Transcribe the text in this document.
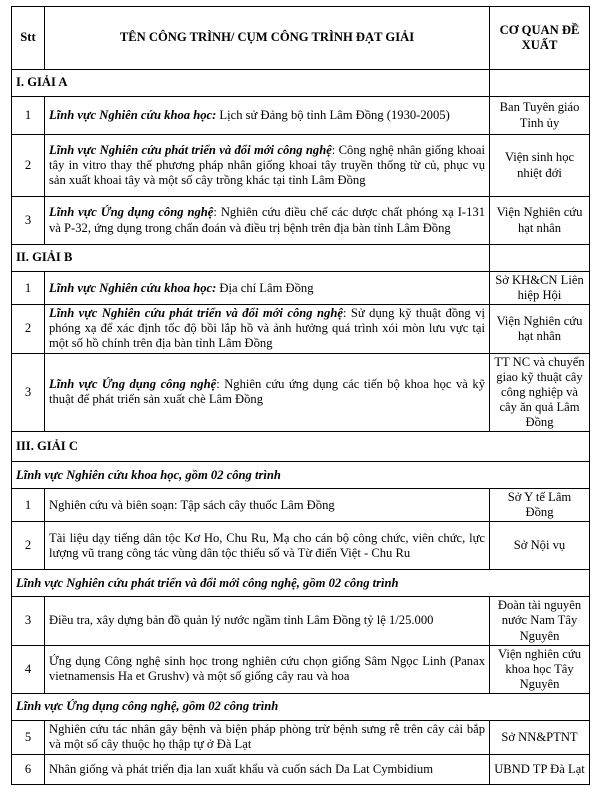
Stt	TÊN CÔNG TRÌNH/ CỤM CÔNG TRÌNH ĐẠT GIẢI	CƠ QUAN ĐỀ XUẤT
I. GIẢI A		
1	Lĩnh vực Nghiên cứu khoa học: Lịch sử Đảng bộ tỉnh Lâm Đồng (1930-2005)	Ban Tuyên giáo Tỉnh ủy
2	Lĩnh vực Nghiên cứu phát triển và đổi mới công nghệ: Công nghệ nhân giống khoai tây in vitro thay thế phương pháp nhân giống khoai tây truyền thống từ củ, phục vụ sản xuất khoai tây và một số cây trồng khác tại tỉnh Lâm Đồng	Viện sinh học nhiệt đới
3	Lĩnh vực Ứng dụng công nghệ: Nghiên cứu điều chế các dược chất phóng xạ I-131 và P-32, ứng dụng trong chẩn đoán và điều trị bệnh trên địa bàn tỉnh Lâm Đồng	Viện Nghiên cứu hạt nhân
II. GIẢI B		
1	Lĩnh vực Nghiên cứu khoa học: Địa chí Lâm Đồng	Sở KH&CN Liên hiệp Hội
2	Lĩnh vực Nghiên cứu phát triển và đổi mới công nghệ: Sử dụng kỹ thuật đồng vị phóng xạ để xác định tốc độ bồi lắp hồ và ảnh hưởng quá trình xói mòn lưu vực tại một số hồ chính trên địa bàn tỉnh Lâm Đồng	Viện Nghiên cứu hạt nhân
3	Lĩnh vực Ứng dụng công nghệ: Nghiên cứu ứng dụng các tiến bộ khoa học và kỹ thuật để phát triển sản xuất chè Lâm Đồng	TT NC và chuyển giao kỹ thuật cây công nghiệp và cây ăn quả Lâm Đồng
III. GIẢI C		
Lĩnh vực Nghiên cứu khoa học, gồm 02 công trình		
1	Nghiên cứu và biên soạn: Tập sách cây thuốc Lâm Đồng	Sở Y tế Lâm Đồng
2	Tài liệu dạy tiếng dân tộc Kơ Ho, Chu Ru, Mạ cho cán bộ công chức, viên chức, lực lượng vũ trang công tác vùng dân tộc thiểu số và Từ điển Việt - Chu Ru	Sở Nội vụ
Lĩnh vực Nghiên cứu phát triển và đổi mới công nghệ, gồm 02 công trình		
3	Điều tra, xây dựng bản đồ quản lý nước ngầm tỉnh Lâm Đồng tỷ lệ 1/25.000	Đoàn tài nguyên nước Nam Tây Nguyên
4	Ứng dụng Công nghệ sinh học trong nghiên cứu chọn giống Sâm Ngọc Linh (Panax vietnamensis Ha et Grushv) và một số giống cây rau và hoa	Viện nghiên cứu khoa học Tây Nguyên
Lĩnh vực Ứng dụng công nghệ, gồm 02 công trình		
5	Nghiên cứu tác nhân gây bệnh và biện pháp phòng trừ bệnh sưng rễ trên cây cải bắp và một số cây thuộc họ thập tự ở Đà Lạt	Sở NN&PTNT
6	Nhân giống và phát triển địa lan xuất khẩu và cuốn sách Da Lat Cymbidium	UBND TP Đà Lạt
